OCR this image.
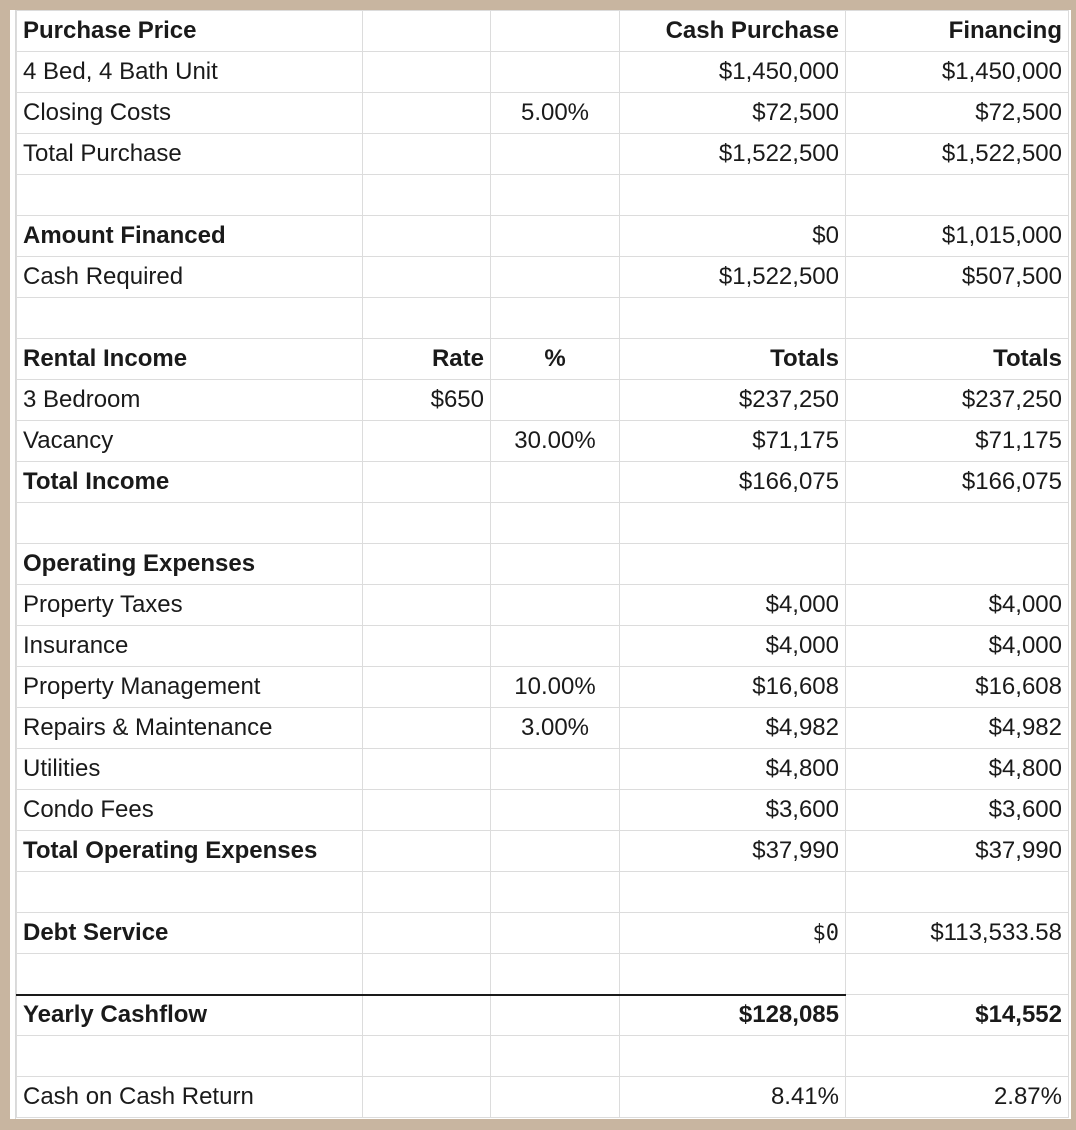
Purchase Price			Cash Purchase	Financing
4 Bed, 4 Bath Unit			$1,450,000	$1,450,000
Closing Costs		5.00%	$72,500	$72,500
Total Purchase			$1,522,500	$1,522,500

Amount Financed			$0	$1,015,000
Cash Required			$1,522,500	$507,500

Rental Income	Rate	%	Totals	Totals
3 Bedroom	$650		$237,250	$237,250
Vacancy		30.00%	$71,175	$71,175
Total Income			$166,075	$166,075

Operating Expenses				
Property Taxes			$4,000	$4,000
Insurance			$4,000	$4,000
Property Management		10.00%	$16,608	$16,608
Repairs & Maintenance		3.00%	$4,982	$4,982
Utilities			$4,800	$4,800
Condo Fees			$3,600	$3,600
Total Operating Expenses			$37,990	$37,990

Debt Service			$0	$113,533.58

Yearly Cashflow			$128,085	$14,552

Cash on Cash Return			8.41%	2.87%
